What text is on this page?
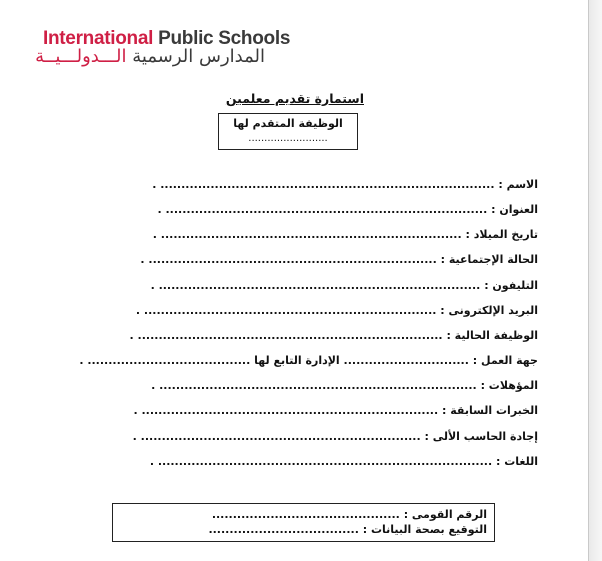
International Public Schools
المدارس الرسمية الـــدولـــيــة
استمارة تقديم معلمين
الوظيفة المتقدم لها
.........................
الاسم : ................................................................................ .
العنوان : ............................................................................. .
تاريخ الميلاد : ........................................................................ .
الحالة الإجتماعية : ..................................................................... .
التليفون : ............................................................................. .
البريد الإلكترونى : ...................................................................... .
الوظيفة الحالية : ......................................................................... .
جهة العمل : .............................. الإدارة التابع لها ....................................... .
المؤهلات : ............................................................................ .
الخبرات السابقة : ....................................................................... .
إجادة الحاسب الألى : ................................................................... .
اللغات : ................................................................................ .
الرقم القومى : .............................................
التوقيع بصحة البيانات : ....................................
